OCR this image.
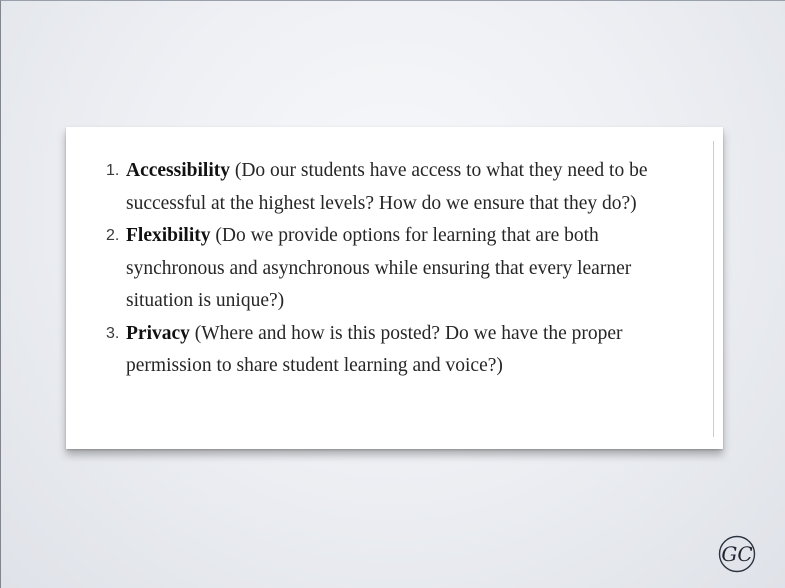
1. Accessibility (Do our students have access to what they need to be successful at the highest levels? How do we ensure that they do?)
2. Flexibility (Do we provide options for learning that are both synchronous and asynchronous while ensuring that every learner situation is unique?)
3. Privacy (Where and how is this posted? Do we have the proper permission to share student learning and voice?)
GC
